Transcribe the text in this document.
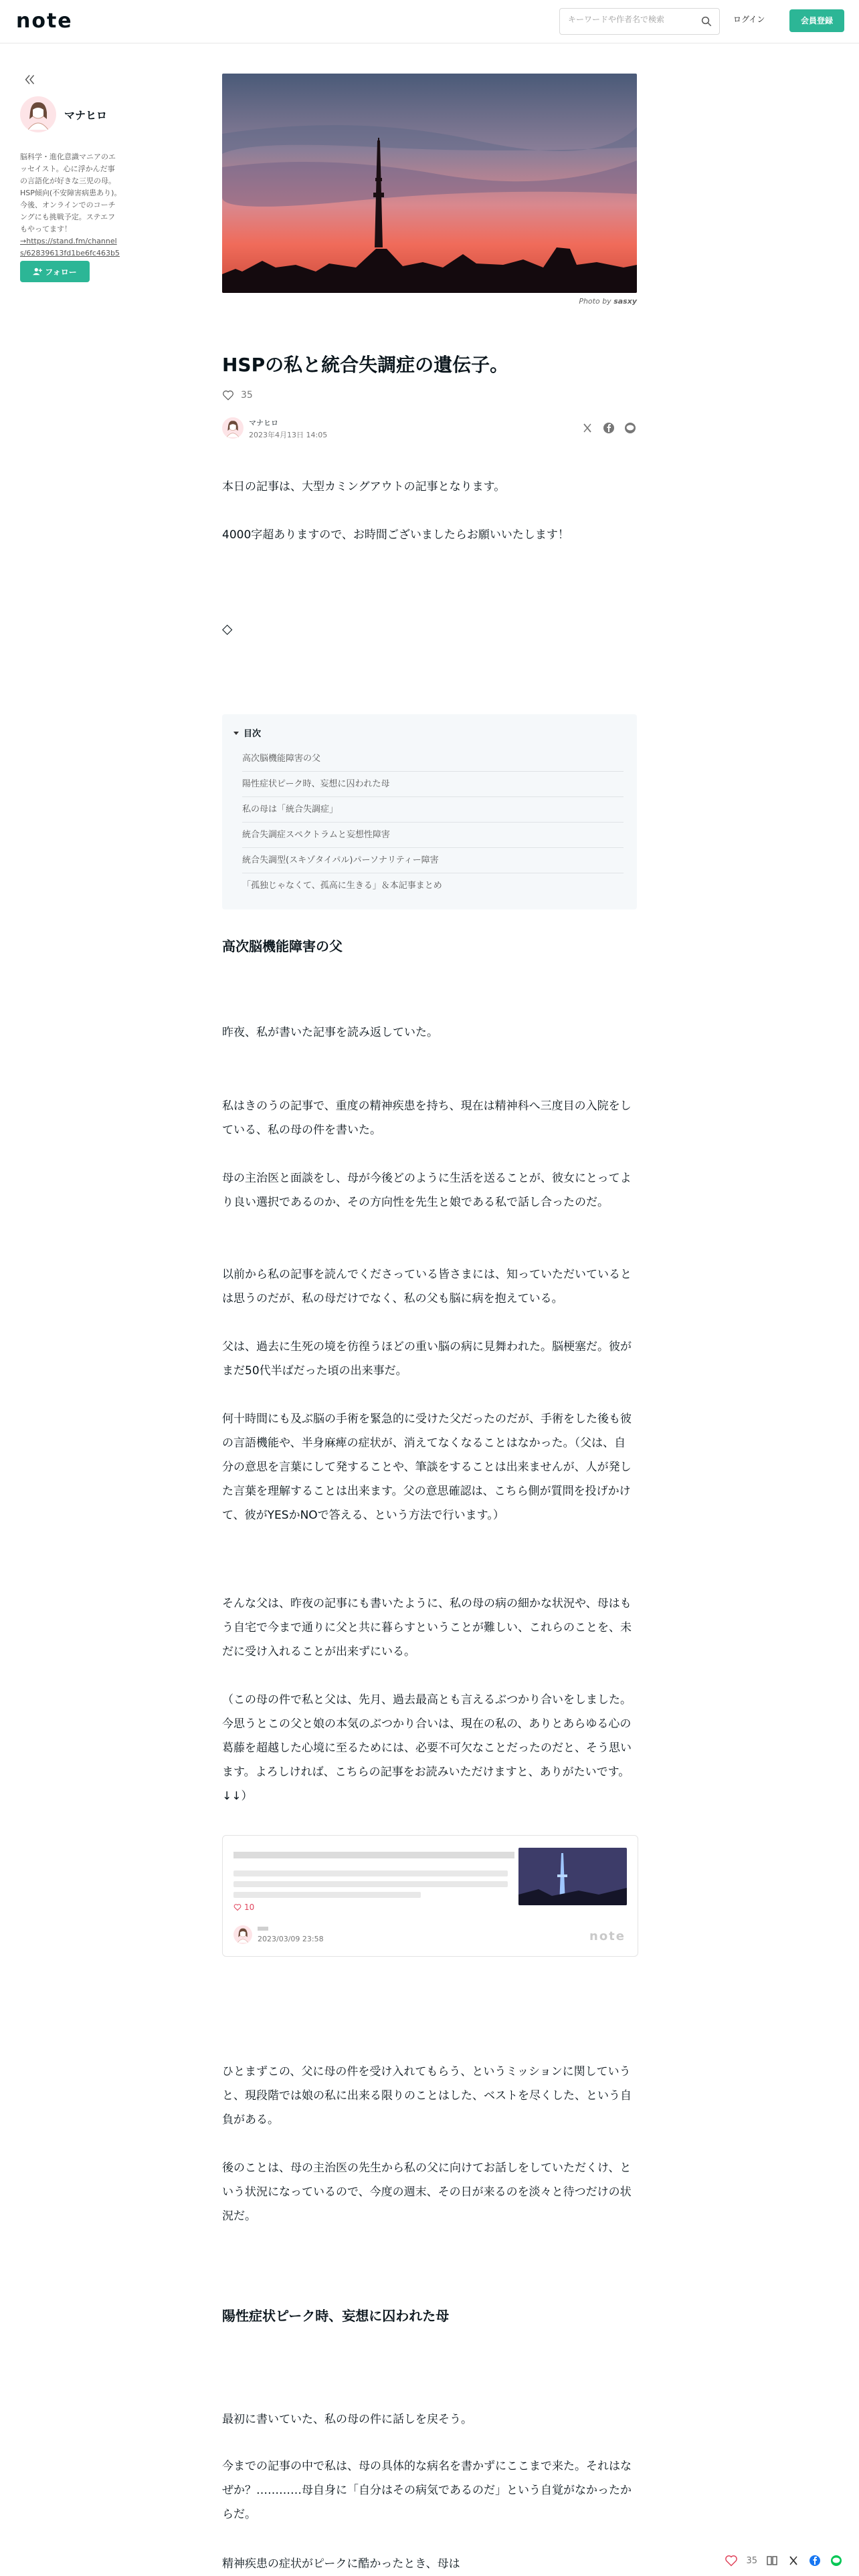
note
キーワードや作者名で検索	ログイン	会員登録
マナヒロ
脳科学・進化意識マニアのエッセイスト。心に浮かんだ事の言語化が好きな三児の母。HSP傾向(不安障害病患あり)。今後、オンラインでのコーチングにも挑戦予定。ステエフもやってます！
→https://stand.fm/channels/62839613fd1be6fc463b5
フォロー
Photo by sasxy
HSPの私と統合失調症の遺伝子。
35
マナヒロ
2023年4月13日 14:05

本日の記事は、大型カミングアウトの記事となります。

4000字超ありますので、お時間ございましたらお願いいたします！

◇
目次
高次脳機能障害の父
陽性症状ピーク時、妄想に囚われた母
私の母は「統合失調症」
統合失調症スペクトラムと妄想性障害
統合失調型(スキゾタイパル)パーソナリティー障害
「孤独じゃなくて、孤高に生きる」＆本記事まとめ
高次脳機能障害の父

昨夜、私が書いた記事を読み返していた。

私はきのうの記事で、重度の精神疾患を持ち、現在は精神科へ三度目の入院をしている、私の母の件を書いた。

母の主治医と面談をし、母が今後どのように生活を送ることが、彼女にとってより良い選択であるのか、その方向性を先生と娘である私で話し合ったのだ。

以前から私の記事を読んでくださっている皆さまには、知っていただいているとは思うのだが、私の母だけでなく、私の父も脳に病を抱えている。

父は、過去に生死の境を彷徨うほどの重い脳の病に見舞われた。脳梗塞だ。彼がまだ50代半ばだった頃の出来事だ。

何十時間にも及ぶ脳の手術を緊急的に受けた父だったのだが、手術をした後も彼の言語機能や、半身麻痺の症状が、消えてなくなることはなかった。（父は、自分の意思を言葉にして発することや、筆談をすることは出来ませんが、人が発した言葉を理解することは出来ます。父の意思確認は、こちら側が質問を投げかけて、彼がYESかNOで答える、という方法で行います。）

そんな父は、昨夜の記事にも書いたように、私の母の病の細かな状況や、母はもう自宅で今まで通りに父と共に暮らすということが難しい、これらのことを、未だに受け入れることが出来ずにいる。

（この母の件で私と父は、先月、過去最高とも言えるぶつかり合いをしました。今思うとこの父と娘の本気のぶつかり合いは、現在の私の、ありとあらゆる心の葛藤を超越した心境に至るためには、必要不可欠なことだったのだと、そう思います。よろしければ、こちらの記事をお読みいただけますと、ありがたいです。↓↓）

10
2023/03/09 23:58	note

ひとまずこの、父に母の件を受け入れてもらう、というミッションに関していうと、現段階では娘の私に出来る限りのことはした、ベストを尽くした、という自負がある。

後のことは、母の主治医の先生から私の父に向けてお話しをしていただくけ、という状況になっているので、今度の週末、その日が来るのを淡々と待つだけの状況だ。

陽性症状ピーク時、妄想に囚われた母

最初に書いていた、私の母の件に話しを戻そう。

今までの記事の中で私は、母の具体的な病名を書かずにここまで来た。それはなぜか？…………母自身に「自分はその病気であるのだ」という自覚がなかったからだ。

精神疾患の症状がピークに酷かったとき、母は	35
